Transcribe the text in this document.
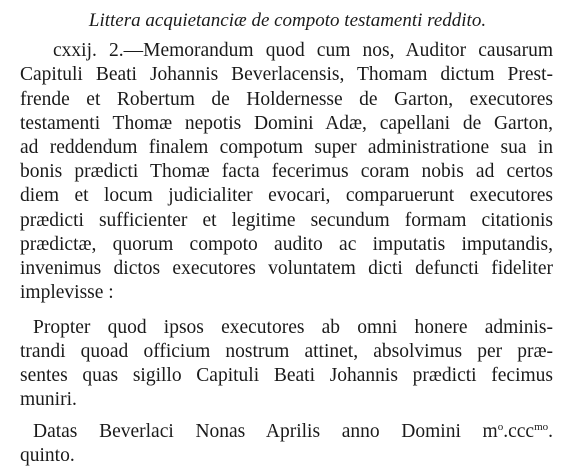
Littera acquietanciæ de compoto testamenti reddito.
cxxij. 2.—Memorandum quod cum nos, Auditor causarum
Capituli Beati Johannis Beverlacensis, Thomam dictum Prest-
frende et Robertum de Holdernesse de Garton, executores
testamenti Thomæ nepotis Domini Adæ, capellani de Garton,
ad reddendum finalem compotum super administratione sua in
bonis prædicti Thomæ facta fecerimus coram nobis ad certos
diem et locum judicialiter evocari, comparuerunt executores
prædicti sufficienter et legitime secundum formam citationis
prædictæ, quorum compoto audito ac imputatis imputandis,
invenimus dictos executores voluntatem dicti defuncti fideliter
implevisse :
Propter quod ipsos executores ab omni honere adminis-
trandi quoad officium nostrum attinet, absolvimus per præ-
sentes quas sigillo Capituli Beati Johannis prædicti fecimus
muniri.
Datas Beverlaci Nonas Aprilis anno Domini $m^o.ccc^{mo}$.
quinto.
